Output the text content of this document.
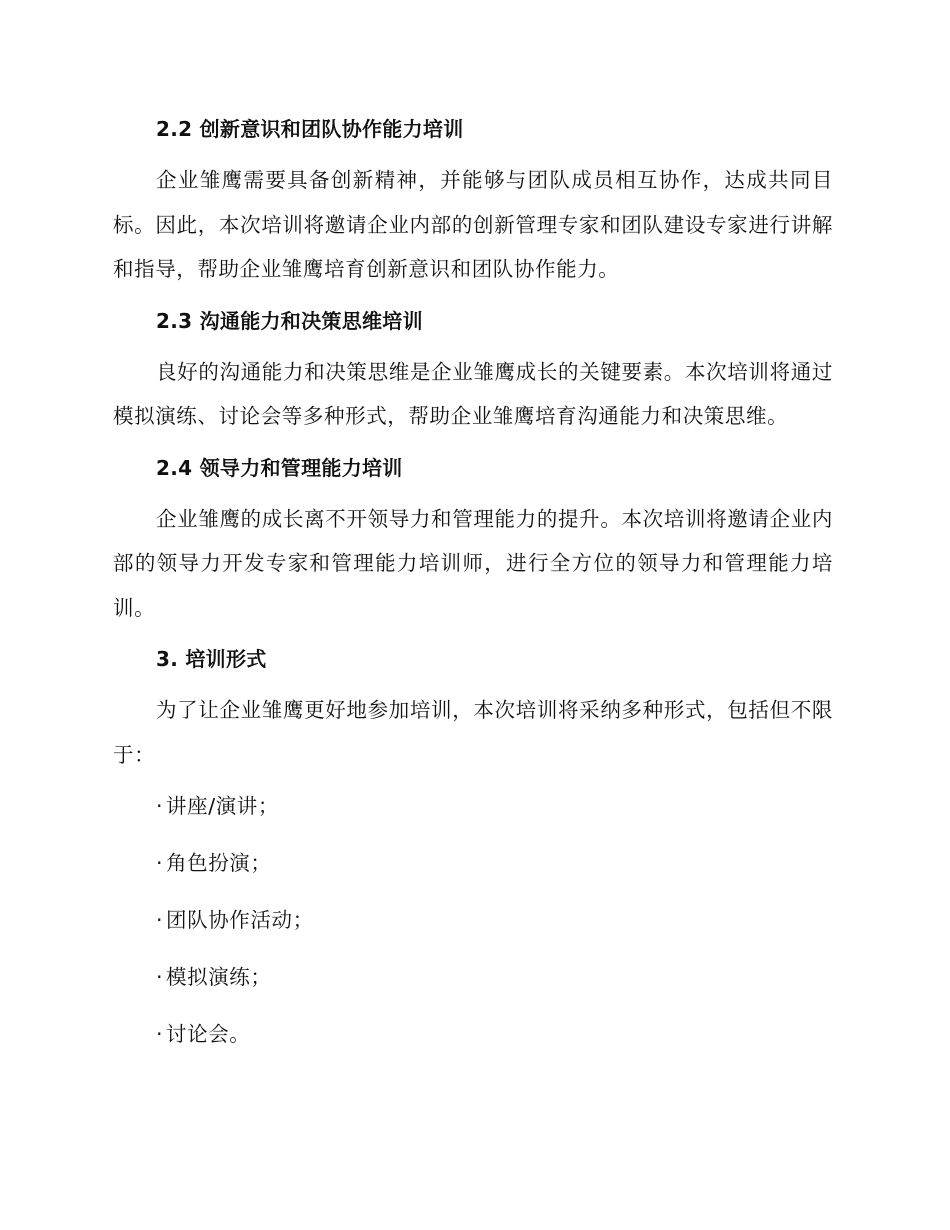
2.2 创新意识和团队协作能力培训

企业雏鹰需要具备创新精神，并能够与团队成员相互协作，达成共同目标。因此，本次培训将邀请企业内部的创新管理专家和团队建设专家进行讲解和指导，帮助企业雏鹰培育创新意识和团队协作能力。

2.3 沟通能力和决策思维培训

良好的沟通能力和决策思维是企业雏鹰成长的关键要素。本次培训将通过模拟演练、讨论会等多种形式，帮助企业雏鹰培育沟通能力和决策思维。

2.4 领导力和管理能力培训

企业雏鹰的成长离不开领导力和管理能力的提升。本次培训将邀请企业内部的领导力开发专家和管理能力培训师，进行全方位的领导力和管理能力培训。

3. 培训形式

为了让企业雏鹰更好地参加培训，本次培训将采纳多种形式，包括但不限于：

· 讲座/演讲；
· 角色扮演；
· 团队协作活动；
· 模拟演练；
· 讨论会。
